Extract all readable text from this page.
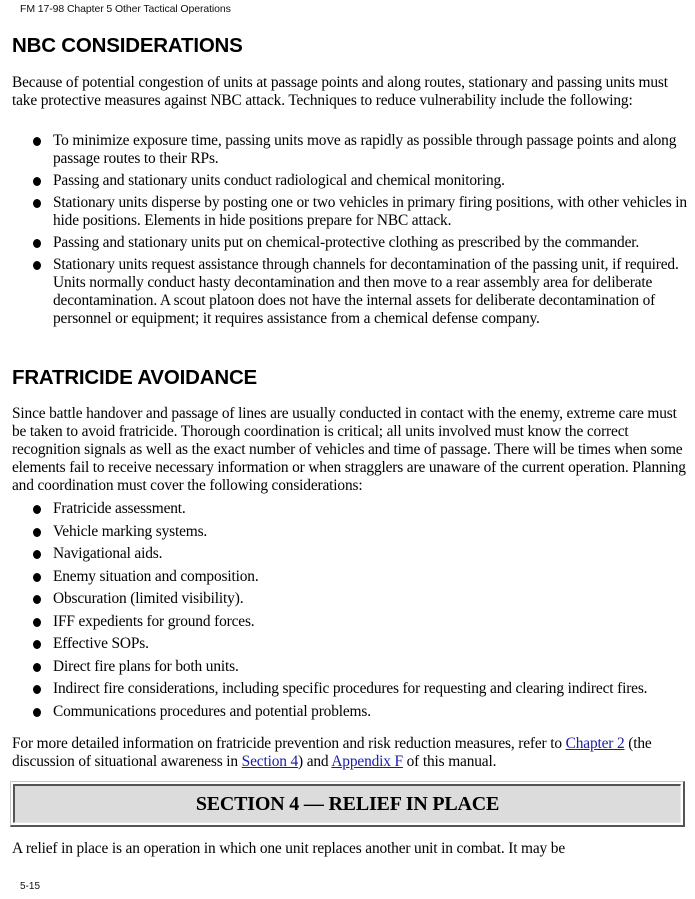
FM 17-98 Chapter 5 Other Tactical Operations
NBC CONSIDERATIONS

Because of potential congestion of units at passage points and along routes, stationary and passing units must take protective measures against NBC attack. Techniques to reduce vulnerability include the following:

To minimize exposure time, passing units move as rapidly as possible through passage points and along passage routes to their RPs.
Passing and stationary units conduct radiological and chemical monitoring.
Stationary units disperse by posting one or two vehicles in primary firing positions, with other vehicles in hide positions. Elements in hide positions prepare for NBC attack.
Passing and stationary units put on chemical-protective clothing as prescribed by the commander.
Stationary units request assistance through channels for decontamination of the passing unit, if required. Units normally conduct hasty decontamination and then move to a rear assembly area for deliberate decontamination. A scout platoon does not have the internal assets for deliberate decontamination of personnel or equipment; it requires assistance from a chemical defense company.
FRATRICIDE AVOIDANCE

Since battle handover and passage of lines are usually conducted in contact with the enemy, extreme care must be taken to avoid fratricide. Thorough coordination is critical; all units involved must know the correct recognition signals as well as the exact number of vehicles and time of passage. There will be times when some elements fail to receive necessary information or when stragglers are unaware of the current operation. Planning and coordination must cover the following considerations:

Fratricide assessment.
Vehicle marking systems.
Navigational aids.
Enemy situation and composition.
Obscuration (limited visibility).
IFF expedients for ground forces.
Effective SOPs.
Direct fire plans for both units.
Indirect fire considerations, including specific procedures for requesting and clearing indirect fires.
Communications procedures and potential problems.

For more detailed information on fratricide prevention and risk reduction measures, refer to Chapter 2 (the discussion of situational awareness in Section 4) and Appendix F of this manual.

SECTION 4 — RELIEF IN PLACE

A relief in place is an operation in which one unit replaces another unit in combat. It may be

5-15
